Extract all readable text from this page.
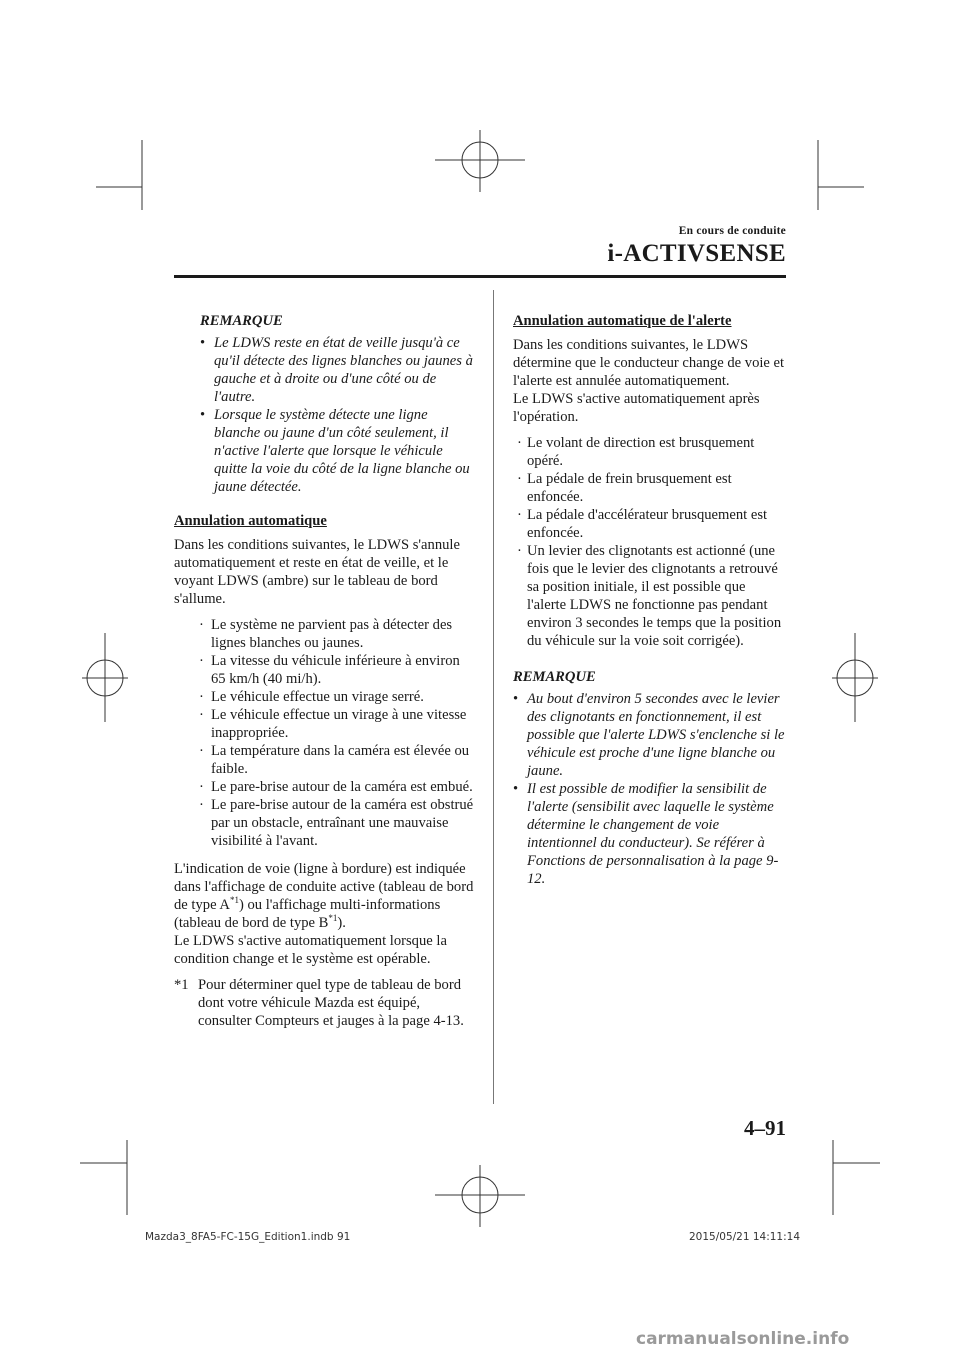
En cours de conduite
i-ACTIVSENSE
REMARQUE
• Le LDWS reste en état de veille jusqu'à ce qu'il détecte des lignes blanches ou jaunes à gauche et à droite ou d'une côté ou de l'autre.
• Lorsque le système détecte une ligne blanche ou jaune d'un côté seulement, il n'active l'alerte que lorsque le véhicule quitte la voie du côté de la ligne blanche ou jaune détectée.
Annulation automatique

Dans les conditions suivantes, le LDWS s'annule automatiquement et reste en état de veille, et le voyant LDWS (ambre) sur le tableau de bord s'allume.

· Le système ne parvient pas à détecter des lignes blanches ou jaunes.
· La vitesse du véhicule inférieure à environ 65 km/h (40 mi/h).
· Le véhicule effectue un virage serré.
· Le véhicule effectue un virage à une vitesse inappropriée.
· La température dans la caméra est élevée ou faible.
· Le pare-brise autour de la caméra est embué.
· Le pare-brise autour de la caméra est obstrué par un obstacle, entraînant une mauvaise visibilité à l'avant.

L'indication de voie (ligne à bordure) est indiquée dans l'affichage de conduite active (tableau de bord de type $A^{*1}$) ou l'affichage multi-informations (tableau de bord de type $B^{*1}$).

Le LDWS s'active automatiquement lorsque la condition change et le système est opérable.

*1 Pour déterminer quel type de tableau de bord dont votre véhicule Mazda est équipé, consulter Compteurs et jauges à la page 4-13.
Annulation automatique de l'alerte

Dans les conditions suivantes, le LDWS détermine que le conducteur change de voie et l'alerte est annulée automatiquement.

Le LDWS s'active automatiquement après l'opération.

· Le volant de direction est brusquement opéré.
· La pédale de frein brusquement est enfoncée.
· La pédale d'accélérateur brusquement est enfoncée.
· Un levier des clignotants est actionné (une fois que le levier des clignotants a retrouvé sa position initiale, il est possible que l'alerte LDWS ne fonctionne pas pendant environ 3 secondes le temps que la position du véhicule sur la voie soit corrigée).
REMARQUE
• Au bout d'environ 5 secondes avec le levier des clignotants en fonctionnement, il est possible que l'alerte LDWS s'enclenche si le véhicule est proche d'une ligne blanche ou jaune.
• Il est possible de modifier la sensibilit de l'alerte (sensibilit avec laquelle le système détermine le changement de voie intentionnel du conducteur). Se référer à Fonctions de personnalisation à la page 9-12.
4–91
Mazda3_8FA5-FC-15G_Edition1.indb 91	2015/05/21 14:11:14
carmanualsonline.info
